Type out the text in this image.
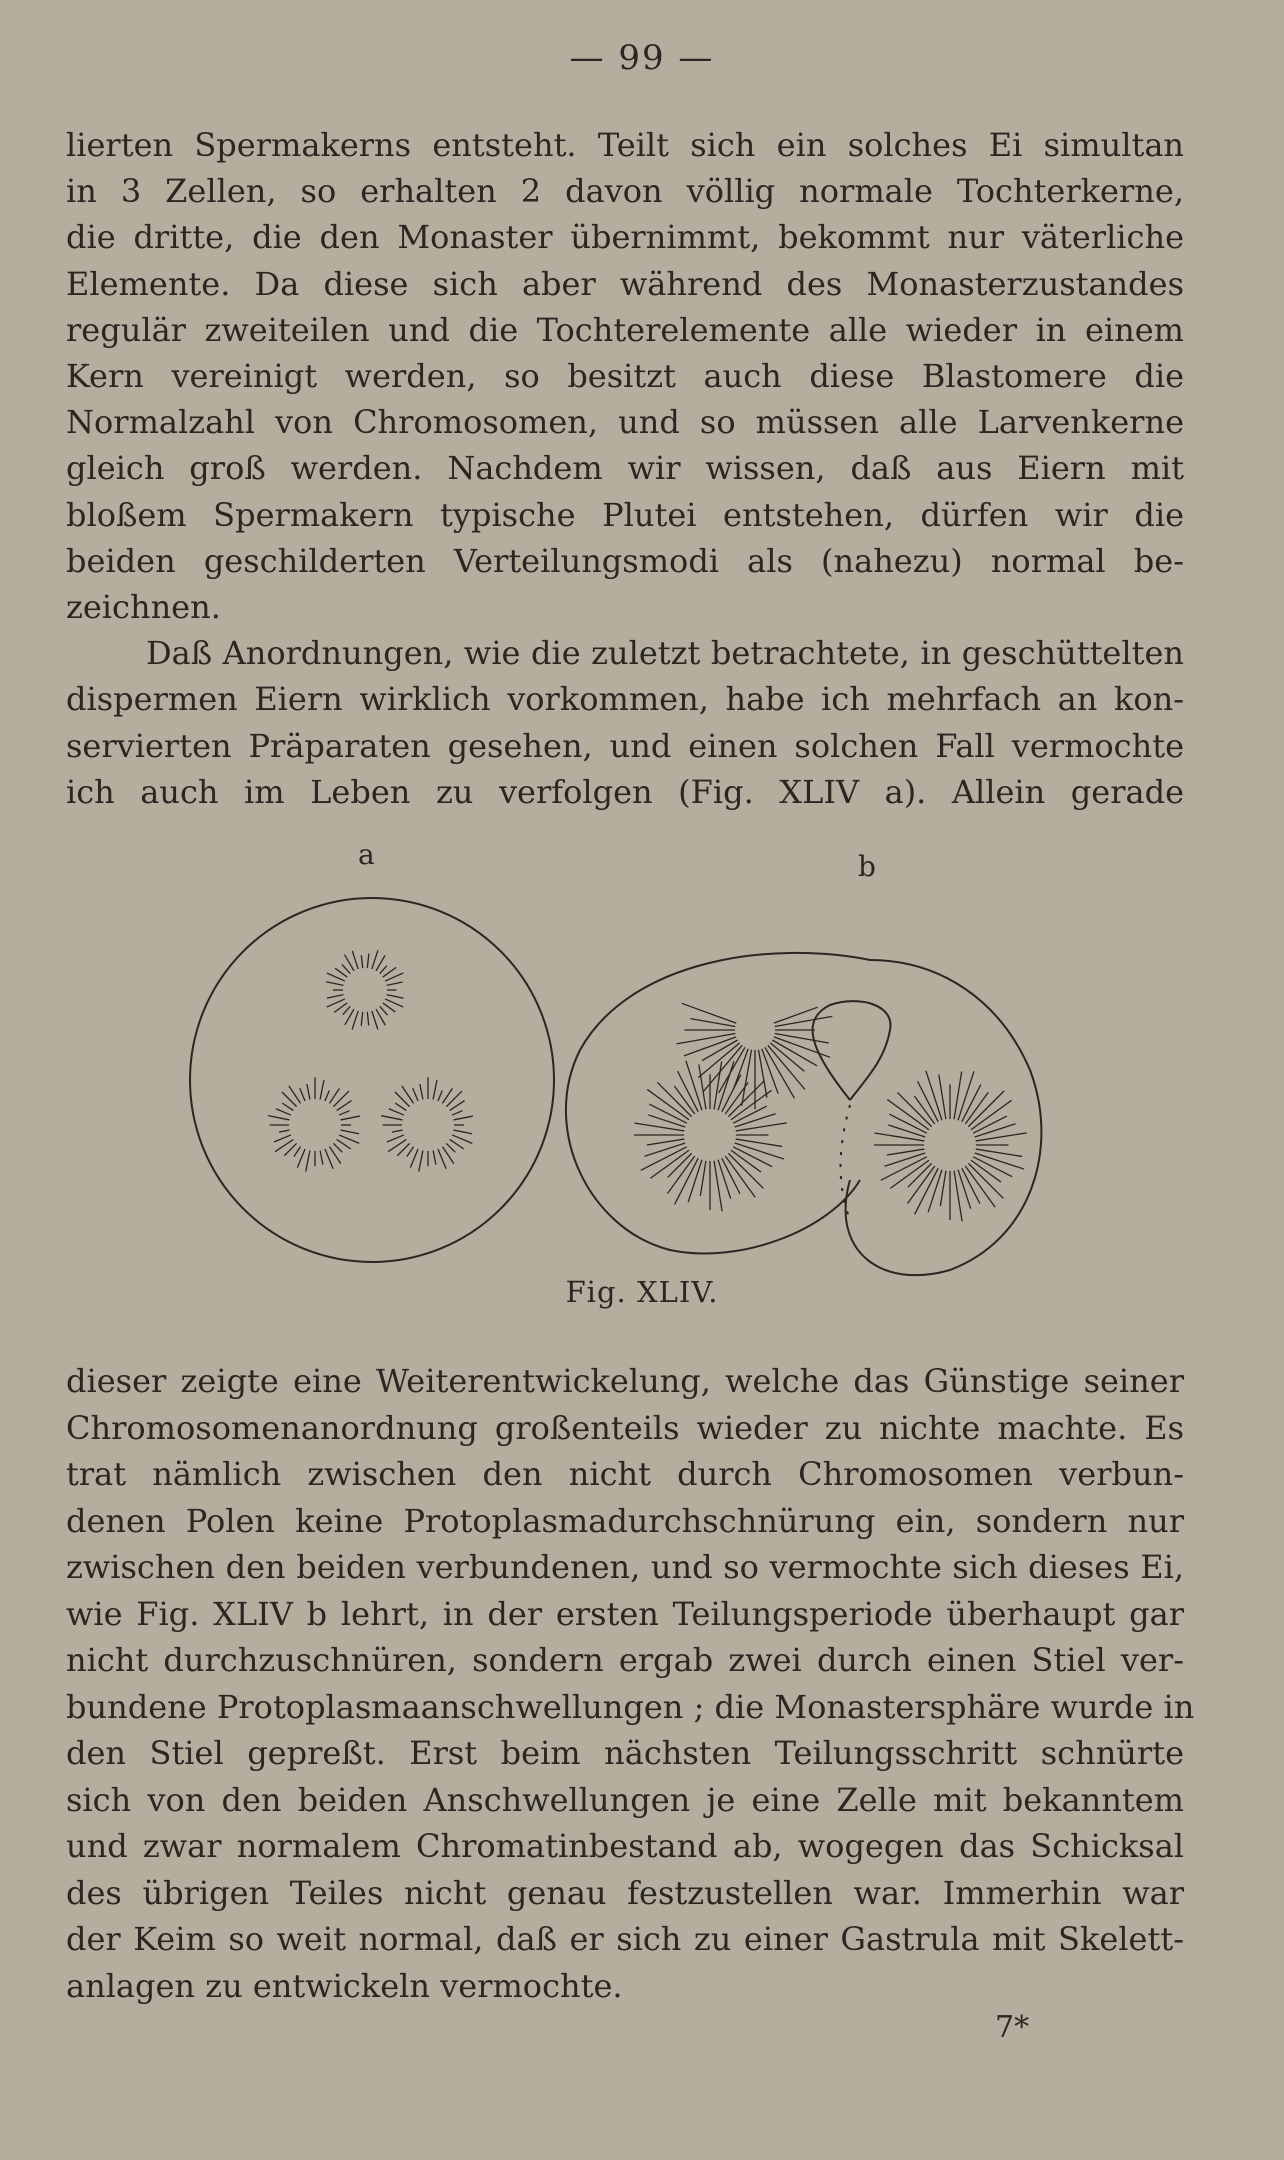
— 99 —
lierten Spermakerns entsteht. Teilt sich ein solches Ei simultan
in 3 Zellen, so erhalten 2 davon völlig normale Tochterkerne,
die dritte, die den Monaster übernimmt, bekommt nur väterliche
Elemente. Da diese sich aber während des Monasterzustandes
regulär zweiteilen und die Tochterelemente alle wieder in einem
Kern vereinigt werden, so besitzt auch diese Blastomere die
Normalzahl von Chromosomen, und so müssen alle Larvenkerne
gleich groß werden. Nachdem wir wissen, daß aus Eiern mit
bloßem Spermakern typische Plutei entstehen, dürfen wir die
beiden geschilderten Verteilungsmodi als (nahezu) normal be-
zeichnen.
Daß Anordnungen, wie die zuletzt betrachtete, in geschüttelten
dispermen Eiern wirklich vorkommen, habe ich mehrfach an kon-
servierten Präparaten gesehen, und einen solchen Fall vermochte
ich auch im Leben zu verfolgen (Fig. XLIV a). Allein gerade
a	b
Fig. XLIV.
dieser zeigte eine Weiterentwickelung, welche das Günstige seiner
Chromosomenanordnung großenteils wieder zu nichte machte. Es
trat nämlich zwischen den nicht durch Chromosomen verbun-
denen Polen keine Protoplasmadurchschnürung ein, sondern nur
zwischen den beiden verbundenen, und so vermochte sich dieses Ei,
wie Fig. XLIV b lehrt, in der ersten Teilungsperiode überhaupt gar
nicht durchzuschnüren, sondern ergab zwei durch einen Stiel ver-
bundene Protoplasmaanschwellungen ; die Monastersphäre wurde in
den Stiel gepreßt. Erst beim nächsten Teilungsschritt schnürte
sich von den beiden Anschwellungen je eine Zelle mit bekanntem
und zwar normalem Chromatinbestand ab, wogegen das Schicksal
des übrigen Teiles nicht genau festzustellen war. Immerhin war
der Keim so weit normal, daß er sich zu einer Gastrula mit Skelett-
anlagen zu entwickeln vermochte.
7*
